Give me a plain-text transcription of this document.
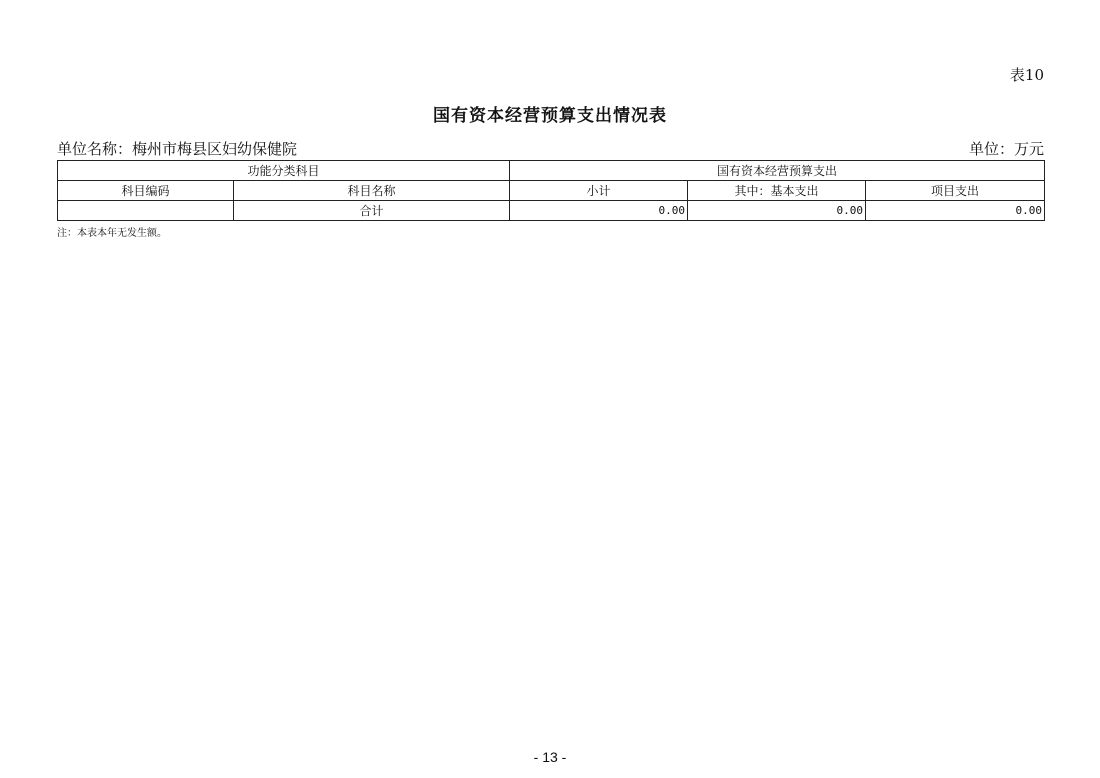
表10
国有资本经营预算支出情况表
单位名称：梅州市梅县区妇幼保健院	单位：万元
功能分类科目		国有资本经营预算支出		
科目编码	科目名称	小计	其中：基本支出	项目支出
	合计	0.00	0.00	0.00
注：本表本年无发生额。
- 13 -
